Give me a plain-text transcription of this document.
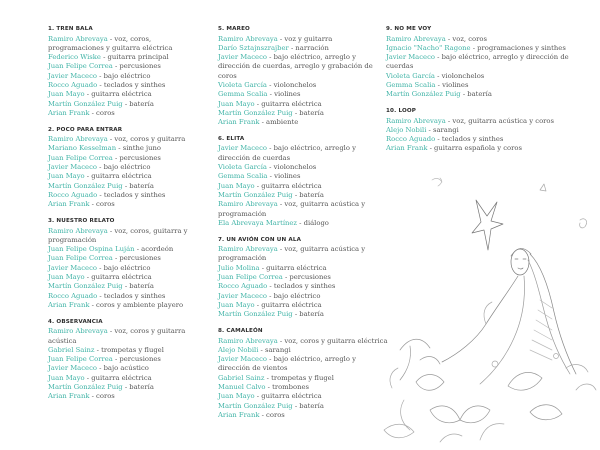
1. TREN BALA
Ramiro Abrevaya - voz, coros, programaciones y guitarra eléctrica
Federico Wiske - guitarra principal
Juan Felipe Correa - percusiones
Javier Maceco - bajo eléctrico
Rocco Aguado - teclados y sinthes
Juan Mayo - guitarra eléctrica
Martín González Puig - batería
Arian Frank - coros
2. POCO PARA ENTRAR
Ramiro Abrevaya - voz, coros y guitarra
Mariano Kesselman - sinthe juno
Juan Felipe Correa - percusiones
Javier Maceco - bajo eléctrico
Juan Mayo - guitarra eléctrica
Martín González Puig - batería
Rocco Aguado - teclados y sinthes
Arian Frank - coros
3. NUESTRO RELATO
Ramiro Abrevaya - voz, coros, guitarra y programación
Juan Felipe Ospina Luján - acordeón
Juan Felipe Correa - percusiones
Javier Maceco - bajo eléctrico
Juan Mayo - guitarra eléctrica
Martín González Puig - batería
Rocco Aguado - teclados y sinthes
Arian Frank - coros y ambiente playero
4. OBSERVANCIA
Ramiro Abrevaya - voz, coros y guitarra acústica
Gabriel Sainz - trompetas y flugel
Juan Felipe Correa - percusiones
Javier Maceco - bajo acústico
Juan Mayo - guitarra eléctrica
Martín González Puig - batería
Arian Frank - coros
5. MAREO
Ramiro Abrevaya - voz y guitarra
Darío Sztajnszrajber - narración
Javier Maceco - bajo eléctrico, arreglo y dirección de cuerdas, arreglo y grabación de coros
Violeta García - violonchelos
Gemma Scalia - violines
Juan Mayo - guitarra eléctrica
Martín González Puig - batería
Arian Frank - ambiente
6. ELITA
Javier Maceco - bajo eléctrico, arreglo y dirección de cuerdas
Violeta García - violonchelos
Gemma Scalia - violines
Juan Mayo - guitarra eléctrica
Martín González Puig - batería
Ramiro Abrevaya - voz, guitarra acústica y programación
Ela Abrevaya Martínez - diálogo
7. UN AVIÓN CON UN ALA
Ramiro Abrevaya - voz, guitarra acústica y programación
Julio Molina - guitarra eléctrica
Juan Felipe Correa - percusiones
Rocco Aguado - teclados y sinthes
Javier Maceco - bajo eléctrico
Juan Mayo - guitarra eléctrica
Martín González Puig - batería
8. CAMALEÓN
Ramiro Abrevaya - voz, coros y guitarra eléctrica
Alejo Nobili - sarangi
Javier Maceco - bajo eléctrico, arreglo y dirección de vientos
Gabriel Sainz - trompetas y flugel
Manuel Calvo - trombones
Juan Mayo - guitarra eléctrica
Martín González Puig - batería
Arian Frank - coros
9. NO ME VOY
Ramiro Abrevaya - voz, coros
Ignacio "Nacho" Ragone - programaciones y sinthes
Javier Maceco - bajo eléctrico, arreglo y dirección de cuerdas
Violeta García - violonchelos
Gemma Scalia - violines
Martín González Puig - batería
10. LOOP
Ramiro Abrevaya - voz, guitarra acústica y coros
Alejo Nobili - sarangi
Rocco Aguado - teclados y sinthes
Arian Frank - guitarra española y coros
